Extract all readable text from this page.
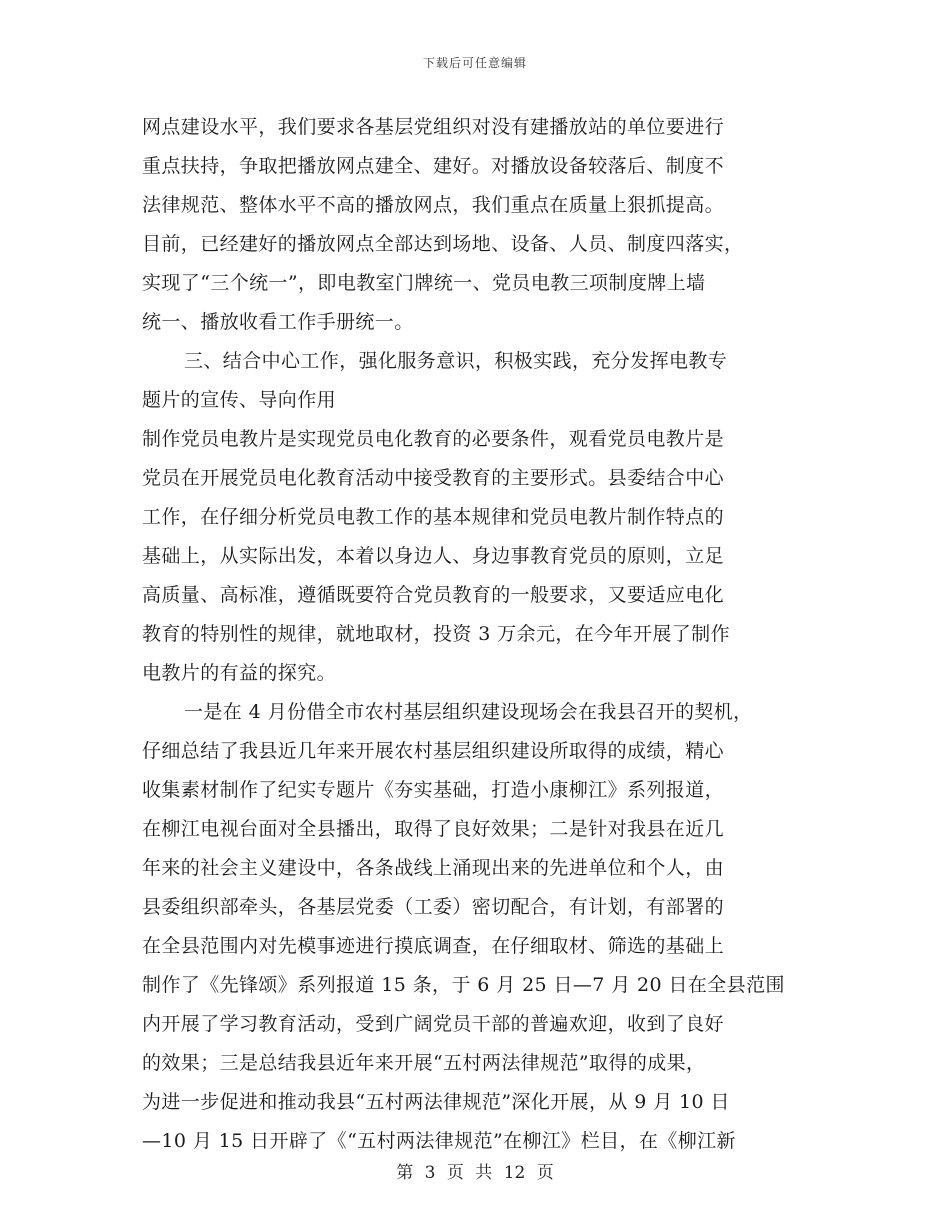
下载后可任意编辑
网点建设水平，我们要求各基层党组织对没有建播放站的单位要进行
重点扶持，争取把播放网点建全、建好。对播放设备较落后、制度不
法律规范、整体水平不高的播放网点，我们重点在质量上狠抓提高。
目前，已经建好的播放网点全部达到场地、设备、人员、制度四落实，
实现了“三个统一”，即电教室门牌统一、党员电教三项制度牌上墙
统一、播放收看工作手册统一。
三、结合中心工作，强化服务意识，积极实践，充分发挥电教专
题片的宣传、导向作用
制作党员电教片是实现党员电化教育的必要条件，观看党员电教片是
党员在开展党员电化教育活动中接受教育的主要形式。县委结合中心
工作，在仔细分析党员电教工作的基本规律和党员电教片制作特点的
基础上，从实际出发，本着以身边人、身边事教育党员的原则，立足
高质量、高标准，遵循既要符合党员教育的一般要求，又要适应电化
教育的特别性的规律，就地取材，投资 3 万余元，在今年开展了制作
电教片的有益的探究。
一是在 4 月份借全市农村基层组织建设现场会在我县召开的契机，
仔细总结了我县近几年来开展农村基层组织建设所取得的成绩，精心
收集素材制作了纪实专题片《夯实基础，打造小康柳江》系列报道，
在柳江电视台面对全县播出，取得了良好效果；二是针对我县在近几
年来的社会主义建设中，各条战线上涌现出来的先进单位和个人，由
县委组织部牵头，各基层党委（工委）密切配合，有计划，有部署的
在全县范围内对先模事迹进行摸底调查，在仔细取材、筛选的基础上
制作了《先锋颂》系列报道 15 条，于 6 月 25 日—7 月 20 日在全县范围
内开展了学习教育活动，受到广阔党员干部的普遍欢迎，收到了良好
的效果；三是总结我县近年来开展“五村两法律规范”取得的成果，
为进一步促进和推动我县“五村两法律规范”深化开展，从 9 月 10 日
—10 月 15 日开辟了《“五村两法律规范”在柳江》栏目，在《柳江新
第 3 页 共 12 页
